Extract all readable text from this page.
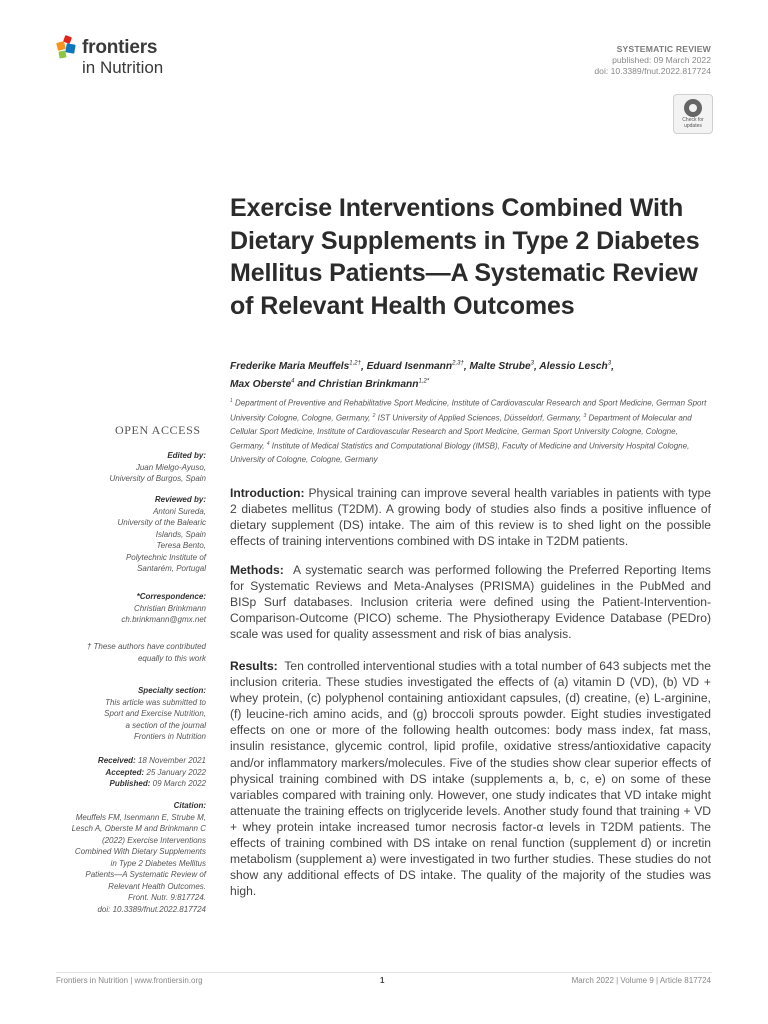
frontiers
in Nutrition
SYSTEMATIC REVIEW
published: 09 March 2022
doi: 10.3389/fnut.2022.817724
Check for updates
Exercise Interventions Combined With Dietary Supplements in Type 2 Diabetes Mellitus Patients—A Systematic Review of Relevant Health Outcomes
Frederike Maria Meuffels$^{1,2\dagger}$, Eduard Isenmann$^{2,3\dagger}$, Malte Strube$^3$, Alessio Lesch$^3$,
Max Oberste$^4$ and Christian Brinkmann$^{1,2*}$
$^1$ Department of Preventive and Rehabilitative Sport Medicine, Institute of Cardiovascular Research and Sport Medicine, German Sport University Cologne, Cologne, Germany, $^2$ IST University of Applied Sciences, Düsseldorf, Germany, $^3$ Department of Molecular and Cellular Sport Medicine, Institute of Cardiovascular Research and Sport Medicine, German Sport University Cologne, Cologne, Germany, $^4$ Institute of Medical Statistics and Computational Biology (IMSB), Faculty of Medicine and University Hospital Cologne, University of Cologne, Cologne, Germany
OPEN ACCESS
Edited by:
Juan Mielgo-Ayuso,
University of Burgos, Spain
Reviewed by:
Antoni Sureda,
University of the Balearic
Islands, Spain
Teresa Bento,
Polytechnic Institute of
Santarém, Portugal
*Correspondence:
Christian Brinkmann
ch.brinkmann@gmx.net
† These authors have contributed
equally to this work
Specialty section:
This article was submitted to
Sport and Exercise Nutrition,
a section of the journal
Frontiers in Nutrition
Received: 18 November 2021
Accepted: 25 January 2022
Published: 09 March 2022
Citation:
Meuffels FM, Isenmann E, Strube M,
Lesch A, Oberste M and Brinkmann C
(2022) Exercise Interventions
Combined With Dietary Supplements
in Type 2 Diabetes Mellitus
Patients—A Systematic Review of
Relevant Health Outcomes.
Front. Nutr. 9:817724.
doi: 10.3389/fnut.2022.817724
Introduction: Physical training can improve several health variables in patients with type 2 diabetes mellitus (T2DM). A growing body of studies also finds a positive influence of dietary supplement (DS) intake. The aim of this review is to shed light on the possible effects of training interventions combined with DS intake in T2DM patients.
Methods: A systematic search was performed following the Preferred Reporting Items for Systematic Reviews and Meta-Analyses (PRISMA) guidelines in the PubMed and BISp Surf databases. Inclusion criteria were defined using the Patient-Intervention-Comparison-Outcome (PICO) scheme. The Physiotherapy Evidence Database (PEDro) scale was used for quality assessment and risk of bias analysis.
Results: Ten controlled interventional studies with a total number of 643 subjects met the inclusion criteria. These studies investigated the effects of (a) vitamin D (VD), (b) VD + whey protein, (c) polyphenol containing antioxidant capsules, (d) creatine, (e) L-arginine, (f) leucine-rich amino acids, and (g) broccoli sprouts powder. Eight studies investigated effects on one or more of the following health outcomes: body mass index, fat mass, insulin resistance, glycemic control, lipid profile, oxidative stress/antioxidative capacity and/or inflammatory markers/molecules. Five of the studies show clear superior effects of physical training combined with DS intake (supplements a, b, c, e) on some of these variables compared with training only. However, one study indicates that VD intake might attenuate the training effects on triglyceride levels. Another study found that training + VD + whey protein intake increased tumor necrosis factor-α levels in T2DM patients. The effects of training combined with DS intake on renal function (supplement d) or incretin metabolism (supplement a) were investigated in two further studies. These studies do not show any additional effects of DS intake. The quality of the majority of the studies was high.
Frontiers in Nutrition | www.frontiersin.org	1	March 2022 | Volume 9 | Article 817724
